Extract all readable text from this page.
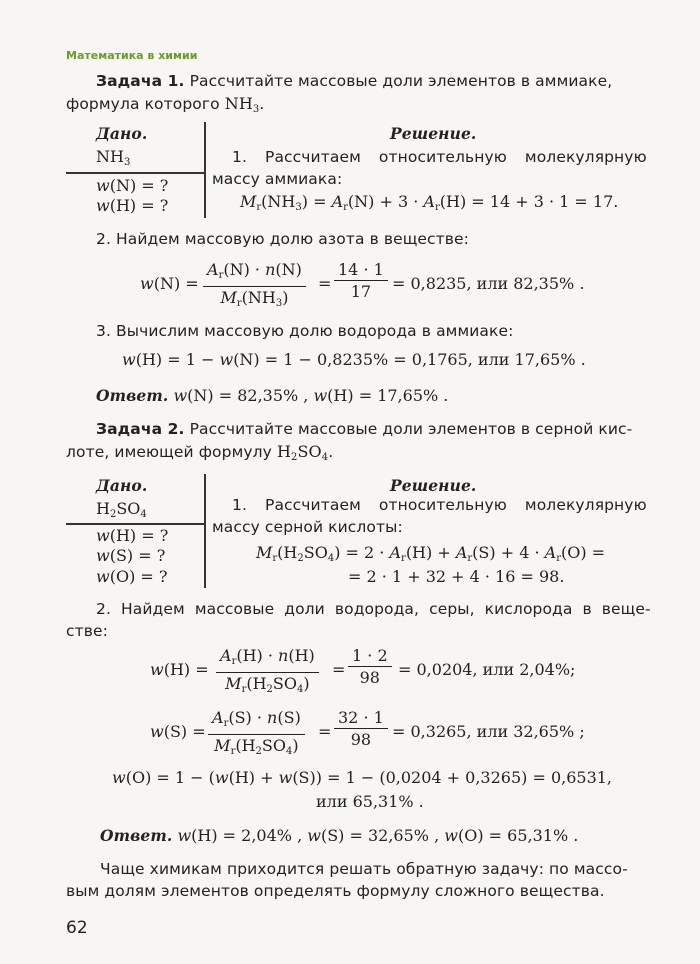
Математика в химии
Задача 1. Рассчитайте массовые доли элементов в аммиаке,
формула которого $NH_3$.
Дано.
$NH_3$
w(N) = ?
w(H) = ?
Решение.
1. Рассчитаем относительную молекулярную
массу аммиака:
$M_r(NH_3) = A_r(N) + 3 \cdot A_r(H) = 14 + 3 \cdot 1 = 17$.
2. Найдем массовую долю азота в веществе:
$w(N) = \frac{A_r(N) \cdot n(N)}{M_r(NH_3)} = \frac{14 \cdot 1}{17} = 0,8235$, или 82,35% .
3. Вычислим массовую долю водорода в аммиаке:
w(H) = 1 − w(N) = 1 − 0,8235% = 0,1765, или 17,65% .
Ответ. w(N) = 82,35% , w(H) = 17,65% .
Задача 2. Рассчитайте массовые доли элементов в серной кис-
лоте, имеющей формулу $H_2SO_4$.
Дано.
$H_2SO_4$
w(H) = ?
w(S) = ?
w(O) = ?
Решение.
1. Рассчитаем относительную молекулярную
массу серной кислоты:
$M_r(H_2SO_4) = 2 \cdot A_r(H) + A_r(S) + 4 \cdot A_r(O)$ =
= 2 · 1 + 32 + 4 · 16 = 98.
2. Найдем массовые доли водорода, серы, кислорода в веще-
стве:
$w(H) = \frac{A_r(H) \cdot n(H)}{M_r(H_2SO_4)} = \frac{1 \cdot 2}{98} = 0,0204$, или 2,04%;
$w(S) = \frac{A_r(S) \cdot n(S)}{M_r(H_2SO_4)} = \frac{32 \cdot 1}{98} = 0,3265$, или 32,65% ;
w(O) = 1 − (w(H) + w(S)) = 1 − (0,0204 + 0,3265) = 0,6531,
или 65,31% .
Ответ. w(H) = 2,04% , w(S) = 32,65% , w(O) = 65,31% .
Чаще химикам приходится решать обратную задачу: по массо-
вым долям элементов определять формулу сложного вещества.
62
